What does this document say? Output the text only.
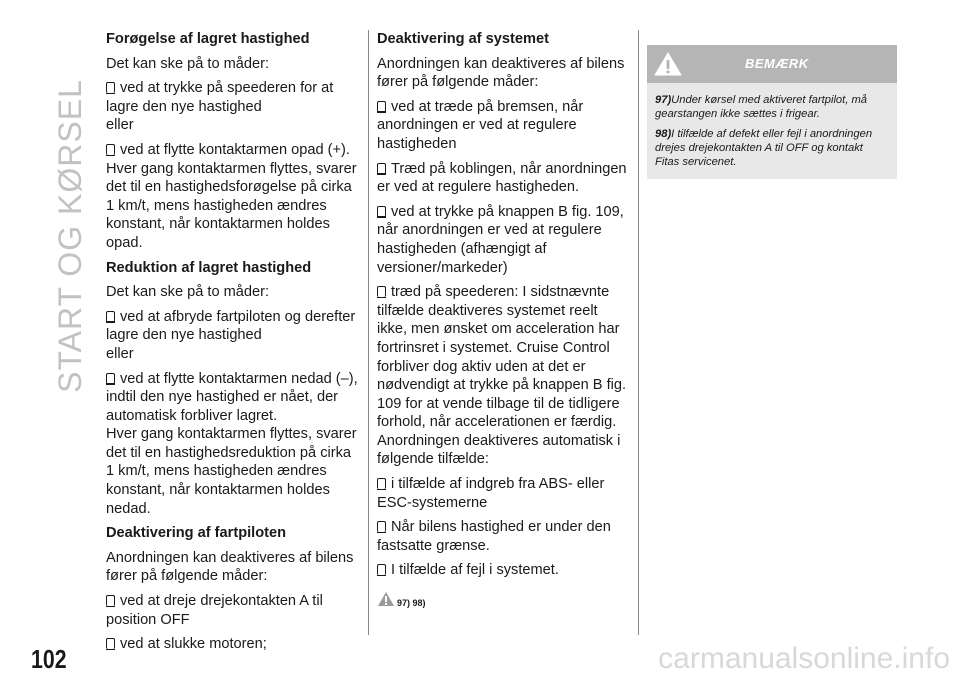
START OG KØRSEL
102
Forøgelse af lagret hastighed

Det kan ske på to måder:

ved at trykke på speederen for at lagre den nye hastighed
eller
ved at flytte kontaktarmen opad (+).
Hver gang kontaktarmen flyttes, svarer det til en hastighedsforøgelse på cirka 1 km/t, mens hastigheden ændres konstant, når kontaktarmen holdes opad.
Reduktion af lagret hastighed

Det kan ske på to måder:

ved at afbryde fartpiloten og derefter lagre den nye hastighed
eller
ved at flytte kontaktarmen nedad (–), indtil den nye hastighed er nået, der automatisk forbliver lagret.
Hver gang kontaktarmen flyttes, svarer det til en hastighedsreduktion på cirka 1 km/t, mens hastigheden ændres konstant, når kontaktarmen holdes nedad.
Deaktivering af fartpiloten

Anordningen kan deaktiveres af bilens fører på følgende måder:

ved at dreje drejekontakten A til position OFF
ved at slukke motoren;
Deaktivering af systemet

Anordningen kan deaktiveres af bilens fører på følgende måder:

ved at træde på bremsen, når anordningen er ved at regulere hastigheden
Træd på koblingen, når anordningen er ved at regulere hastigheden.
ved at trykke på knappen B fig. 109, når anordningen er ved at regulere hastigheden (afhængigt af versioner/markeder)
træd på speederen: I sidstnævnte tilfælde deaktiveres systemet reelt ikke, men ønsket om acceleration har fortrinsret i systemet. Cruise Control forbliver dog aktiv uden at det er nødvendigt at trykke på knappen B fig. 109 for at vende tilbage til de tidligere forhold, når accelerationen er færdig.

Anordningen deaktiveres automatisk i følgende tilfælde:

i tilfælde af indgreb fra ABS- eller ESC-systemerne
Når bilens hastighed er under den fastsatte grænse.
I tilfælde af fejl i systemet.
97) 98)
BEMÆRK

97)Under kørsel med aktiveret fartpilot, må gearstangen ikke sættes i frigear.

98)I tilfælde af defekt eller fejl i anordningen drejes drejekontakten A til OFF og kontakt Fitas servicenet.

carmanualsonline.info
